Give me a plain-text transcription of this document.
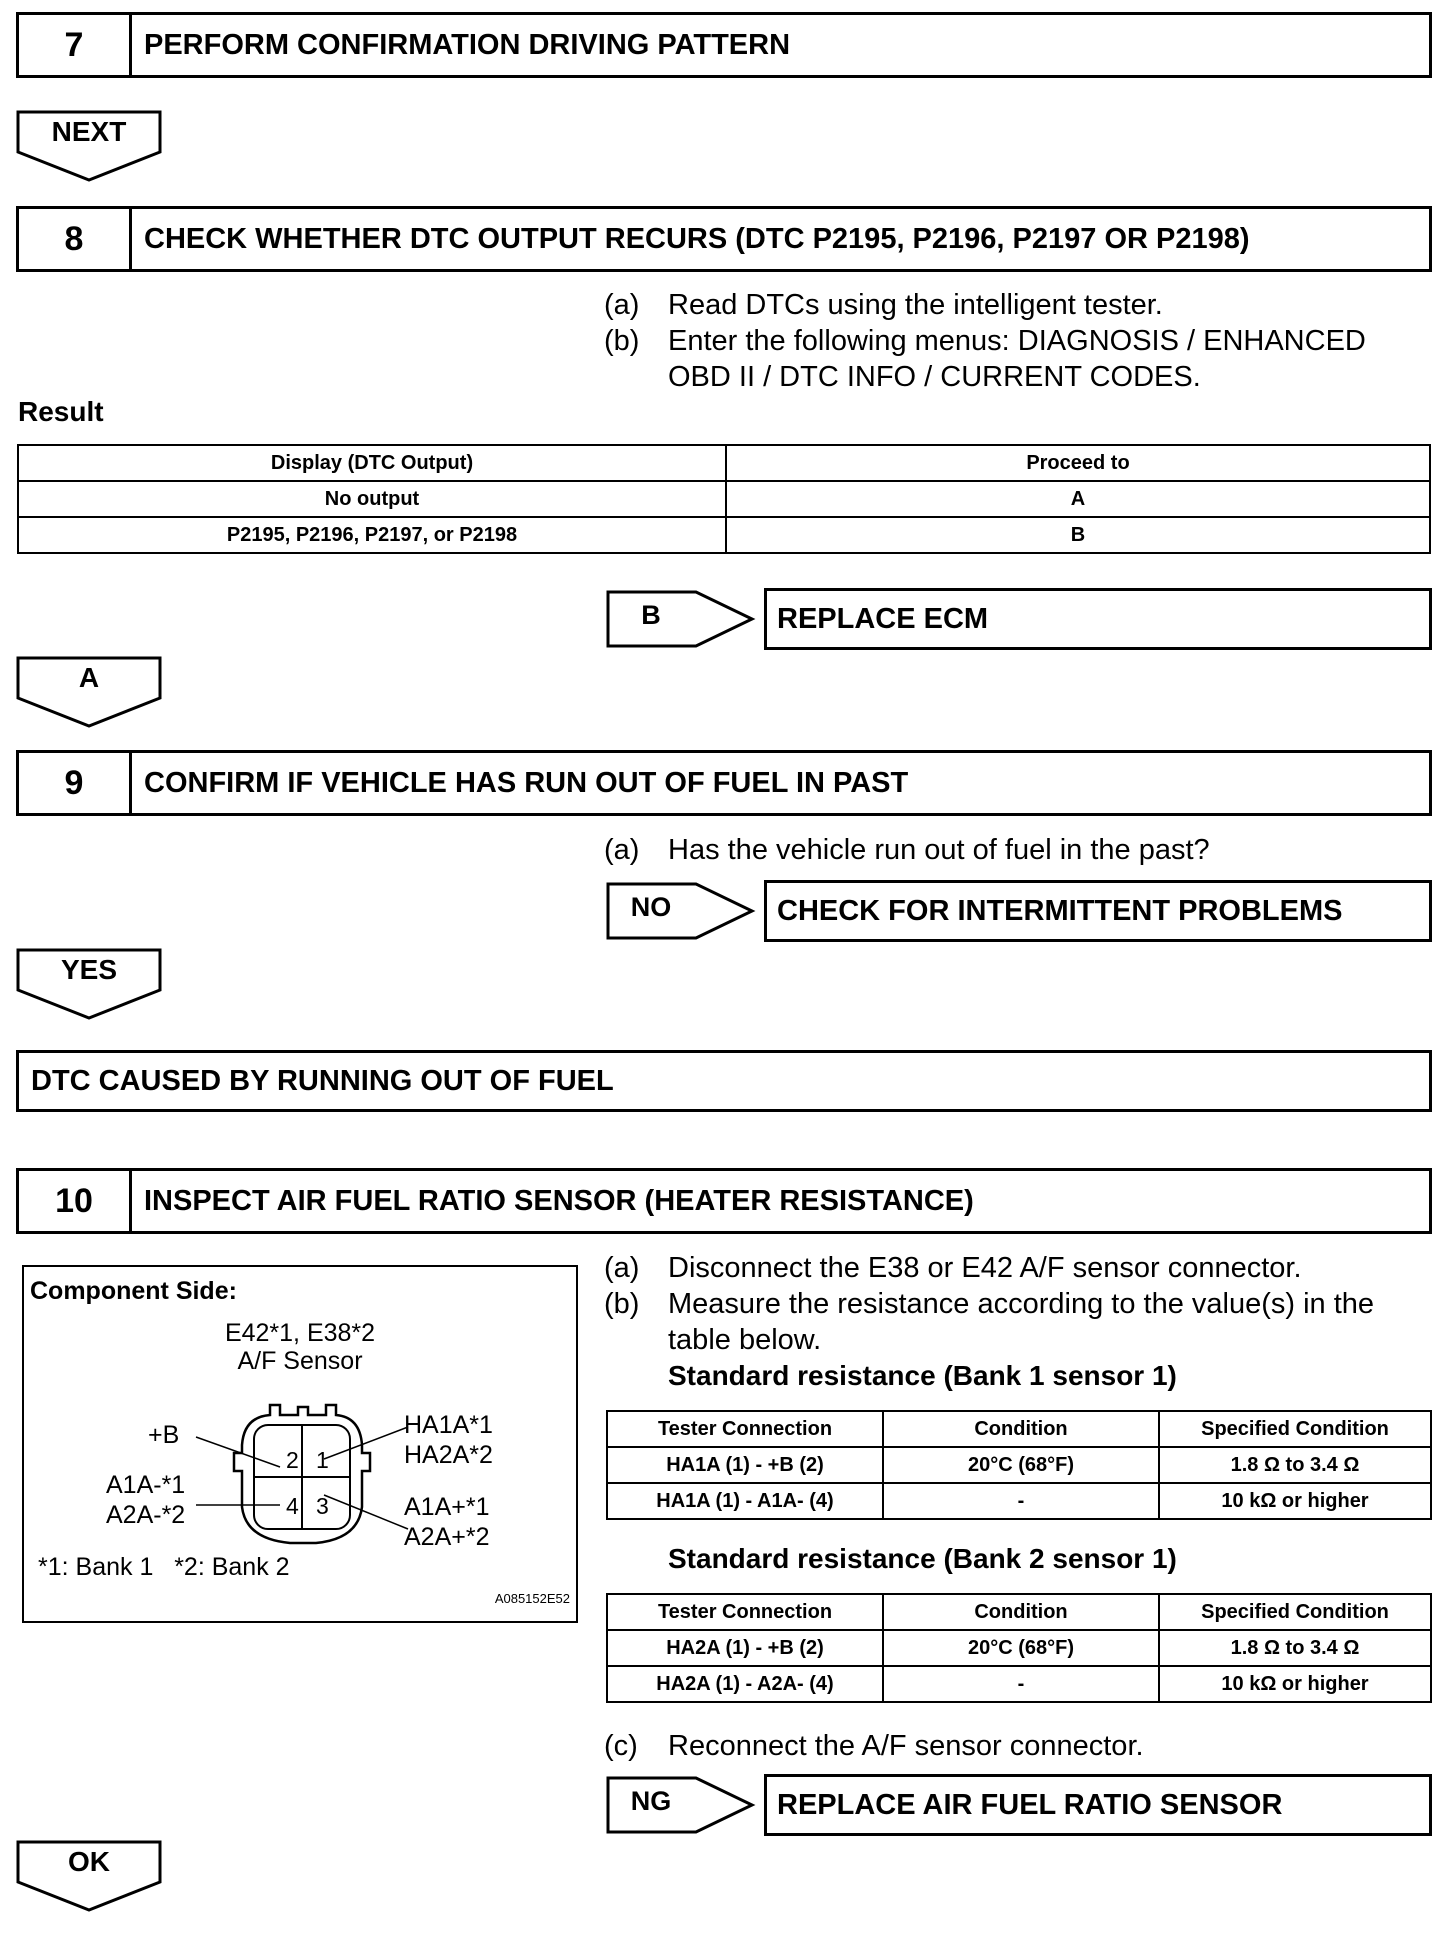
7	PERFORM CONFIRMATION DRIVING PATTERN
NEXT
8	CHECK WHETHER DTC OUTPUT RECURS (DTC P2195, P2196, P2197 OR P2198)
(a) Read DTCs using the intelligent tester.
(b) Enter the following menus: DIAGNOSIS / ENHANCED
OBD II / DTC INFO / CURRENT CODES.
Result
Display (DTC Output)	Proceed to
No output	A
P2195, P2196, P2197, or P2198	B
B	REPLACE ECM
A
9	CONFIRM IF VEHICLE HAS RUN OUT OF FUEL IN PAST
(a) Has the vehicle run out of fuel in the past?
NO	CHECK FOR INTERMITTENT PROBLEMS
YES
DTC CAUSED BY RUNNING OUT OF FUEL
10	INSPECT AIR FUEL RATIO SENSOR (HEATER RESISTANCE)
Component Side:
E42*1, E38*2
A/F Sensor
2 1
4 3
+B	HA1A*1
HA2A*2
A1A-*1
A2A-*2	A1A+*1
A2A+*2
*1: Bank 1   *2: Bank 2
A085152E52
(a) Disconnect the E38 or E42 A/F sensor connector.
(b) Measure the resistance according to the value(s) in the
table below.
Standard resistance (Bank 1 sensor 1)
Tester Connection	Condition	Specified Condition
HA1A (1) - +B (2)	20°C (68°F)	1.8 Ω to 3.4 Ω
HA1A (1) - A1A- (4)	-	10 kΩ or higher
Standard resistance (Bank 2 sensor 1)
Tester Connection	Condition	Specified Condition
HA2A (1) - +B (2)	20°C (68°F)	1.8 Ω to 3.4 Ω
HA2A (1) - A2A- (4)	-	10 kΩ or higher
(c)	Reconnect the A/F sensor connector.
NG	REPLACE AIR FUEL RATIO SENSOR
OK
